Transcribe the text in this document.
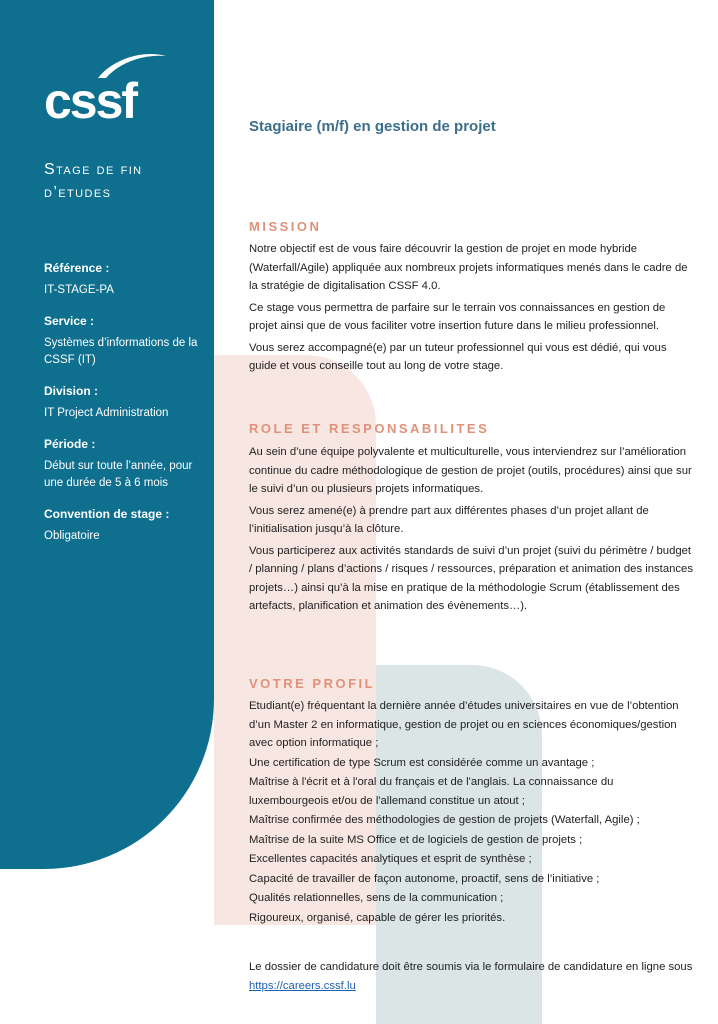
cssf
Stage de fin d’etudes
Référence :
IT-STAGE-PA
Service :
Systèmes d’informations de la CSSF (IT)
Division :
IT Project Administration
Période :
Début sur toute l’année, pour une durée de 5 à 6 mois
Convention de stage :
Obligatoire
Stagiaire (m/f) en gestion de projet
MISSION

Notre objectif est de vous faire découvrir la gestion de projet en mode hybride (Waterfall/Agile) appliquée aux nombreux projets informatiques menés dans le cadre de la stratégie de digitalisation CSSF 4.0.

Ce stage vous permettra de parfaire sur le terrain vos connaissances en gestion de projet ainsi que de vous faciliter votre insertion future dans le milieu professionnel.

Vous serez accompagné(e) par un tuteur professionnel qui vous est dédié, qui vous guide et vous conseille tout au long de votre stage.

ROLE ET RESPONSABILITES

Au sein d’une équipe polyvalente et multiculturelle, vous interviendrez sur l’amélioration continue du cadre méthodologique de gestion de projet (outils, procédures) ainsi que sur le suivi d’un ou plusieurs projets informatiques.

Vous serez amené(e) à prendre part aux différentes phases d’un projet allant de l’initialisation jusqu’à la clôture.

Vous participerez aux activités standards de suivi d’un projet (suivi du périmètre / budget / planning / plans d’actions / risques / ressources, préparation et animation des instances projets…) ainsi qu’à la mise en pratique de la méthodologie Scrum (établissement des artefacts, planification et animation des évènements…).

VOTRE PROFIL

Etudiant(e) fréquentant la dernière année d’études universitaires en vue de l’obtention d’un Master 2 en informatique, gestion de projet ou en sciences économiques/gestion avec option informatique ;

Une certification de type Scrum est considérée comme un avantage ;

Maîtrise à l'écrit et à l'oral du français et de l'anglais. La connaissance du luxembourgeois et/ou de l'allemand constitue un atout ;

Maîtrise confirmée des méthodologies de gestion de projets (Waterfall, Agile) ;

Maîtrise de la suite MS Office et de logiciels de gestion de projets ;

Excellentes capacités analytiques et esprit de synthèse ;

Capacité de travailler de façon autonome, proactif, sens de l’initiative ;

Qualités relationnelles, sens de la communication ;

Rigoureux, organisé, capable de gérer les priorités.

Le dossier de candidature doit être soumis via le formulaire de candidature en ligne sous https://careers.cssf.lu
